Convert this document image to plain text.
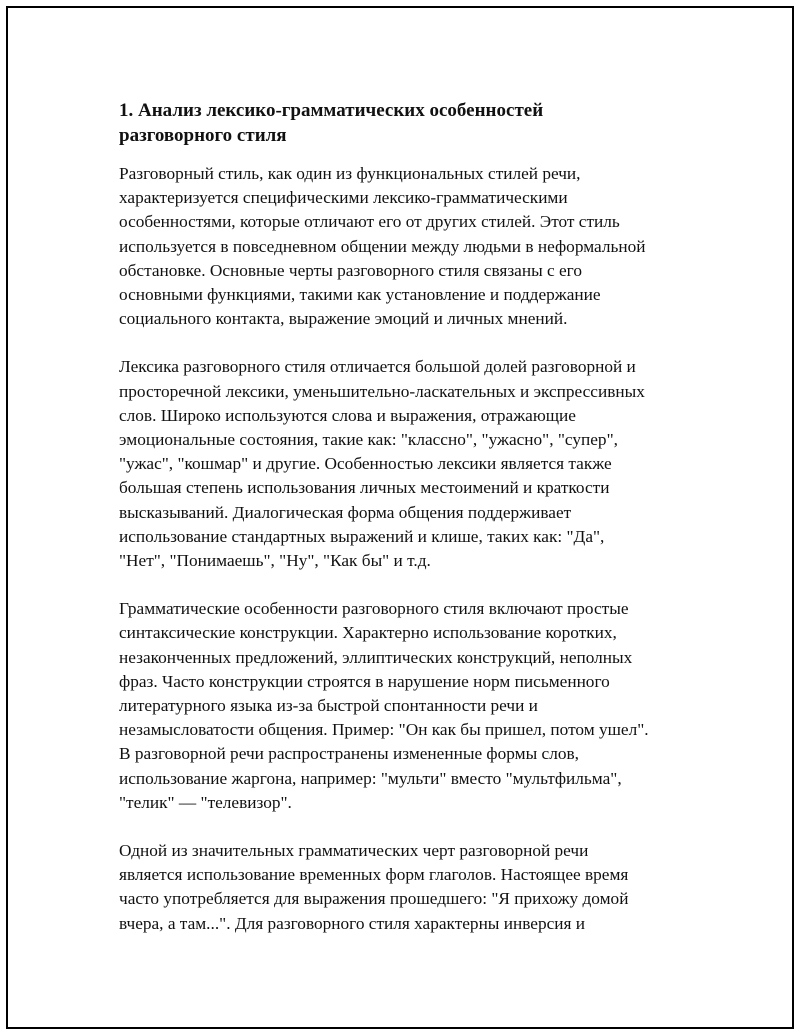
1. Анализ лексико-грамматических особенностей
разговорного стиля
Разговорный стиль, как один из функциональных стилей речи,
характеризуется специфическими лексико-грамматическими
особенностями, которые отличают его от других стилей. Этот стиль
используется в повседневном общении между людьми в неформальной
обстановке. Основные черты разговорного стиля связаны с его
основными функциями, такими как установление и поддержание
социального контакта, выражение эмоций и личных мнений.
Лексика разговорного стиля отличается большой долей разговорной и
просторечной лексики, уменьшительно-ласкательных и экспрессивных
слов. Широко используются слова и выражения, отражающие
эмоциональные состояния, такие как: "классно", "ужасно", "супер",
"ужас", "кошмар" и другие. Особенностью лексики является также
большая степень использования личных местоимений и краткости
высказываний. Диалогическая форма общения поддерживает
использование стандартных выражений и клише, таких как: "Да",
"Нет", "Понимаешь", "Ну", "Как бы" и т.д.
Грамматические особенности разговорного стиля включают простые
синтаксические конструкции. Характерно использование коротких,
незаконченных предложений, эллиптических конструкций, неполных
фраз. Часто конструкции строятся в нарушение норм письменного
литературного языка из-за быстрой спонтанности речи и
незамысловатости общения. Пример: "Он как бы пришел, потом ушел".
В разговорной речи распространены измененные формы слов,
использование жаргона, например: "мульти" вместо "мультфильма",
"телик" — "телевизор".
Одной из значительных грамматических черт разговорной речи
является использование временных форм глаголов. Настоящее время
часто употребляется для выражения прошедшего: "Я прихожу домой
вчера, а там...". Для разговорного стиля характерны инверсия и
